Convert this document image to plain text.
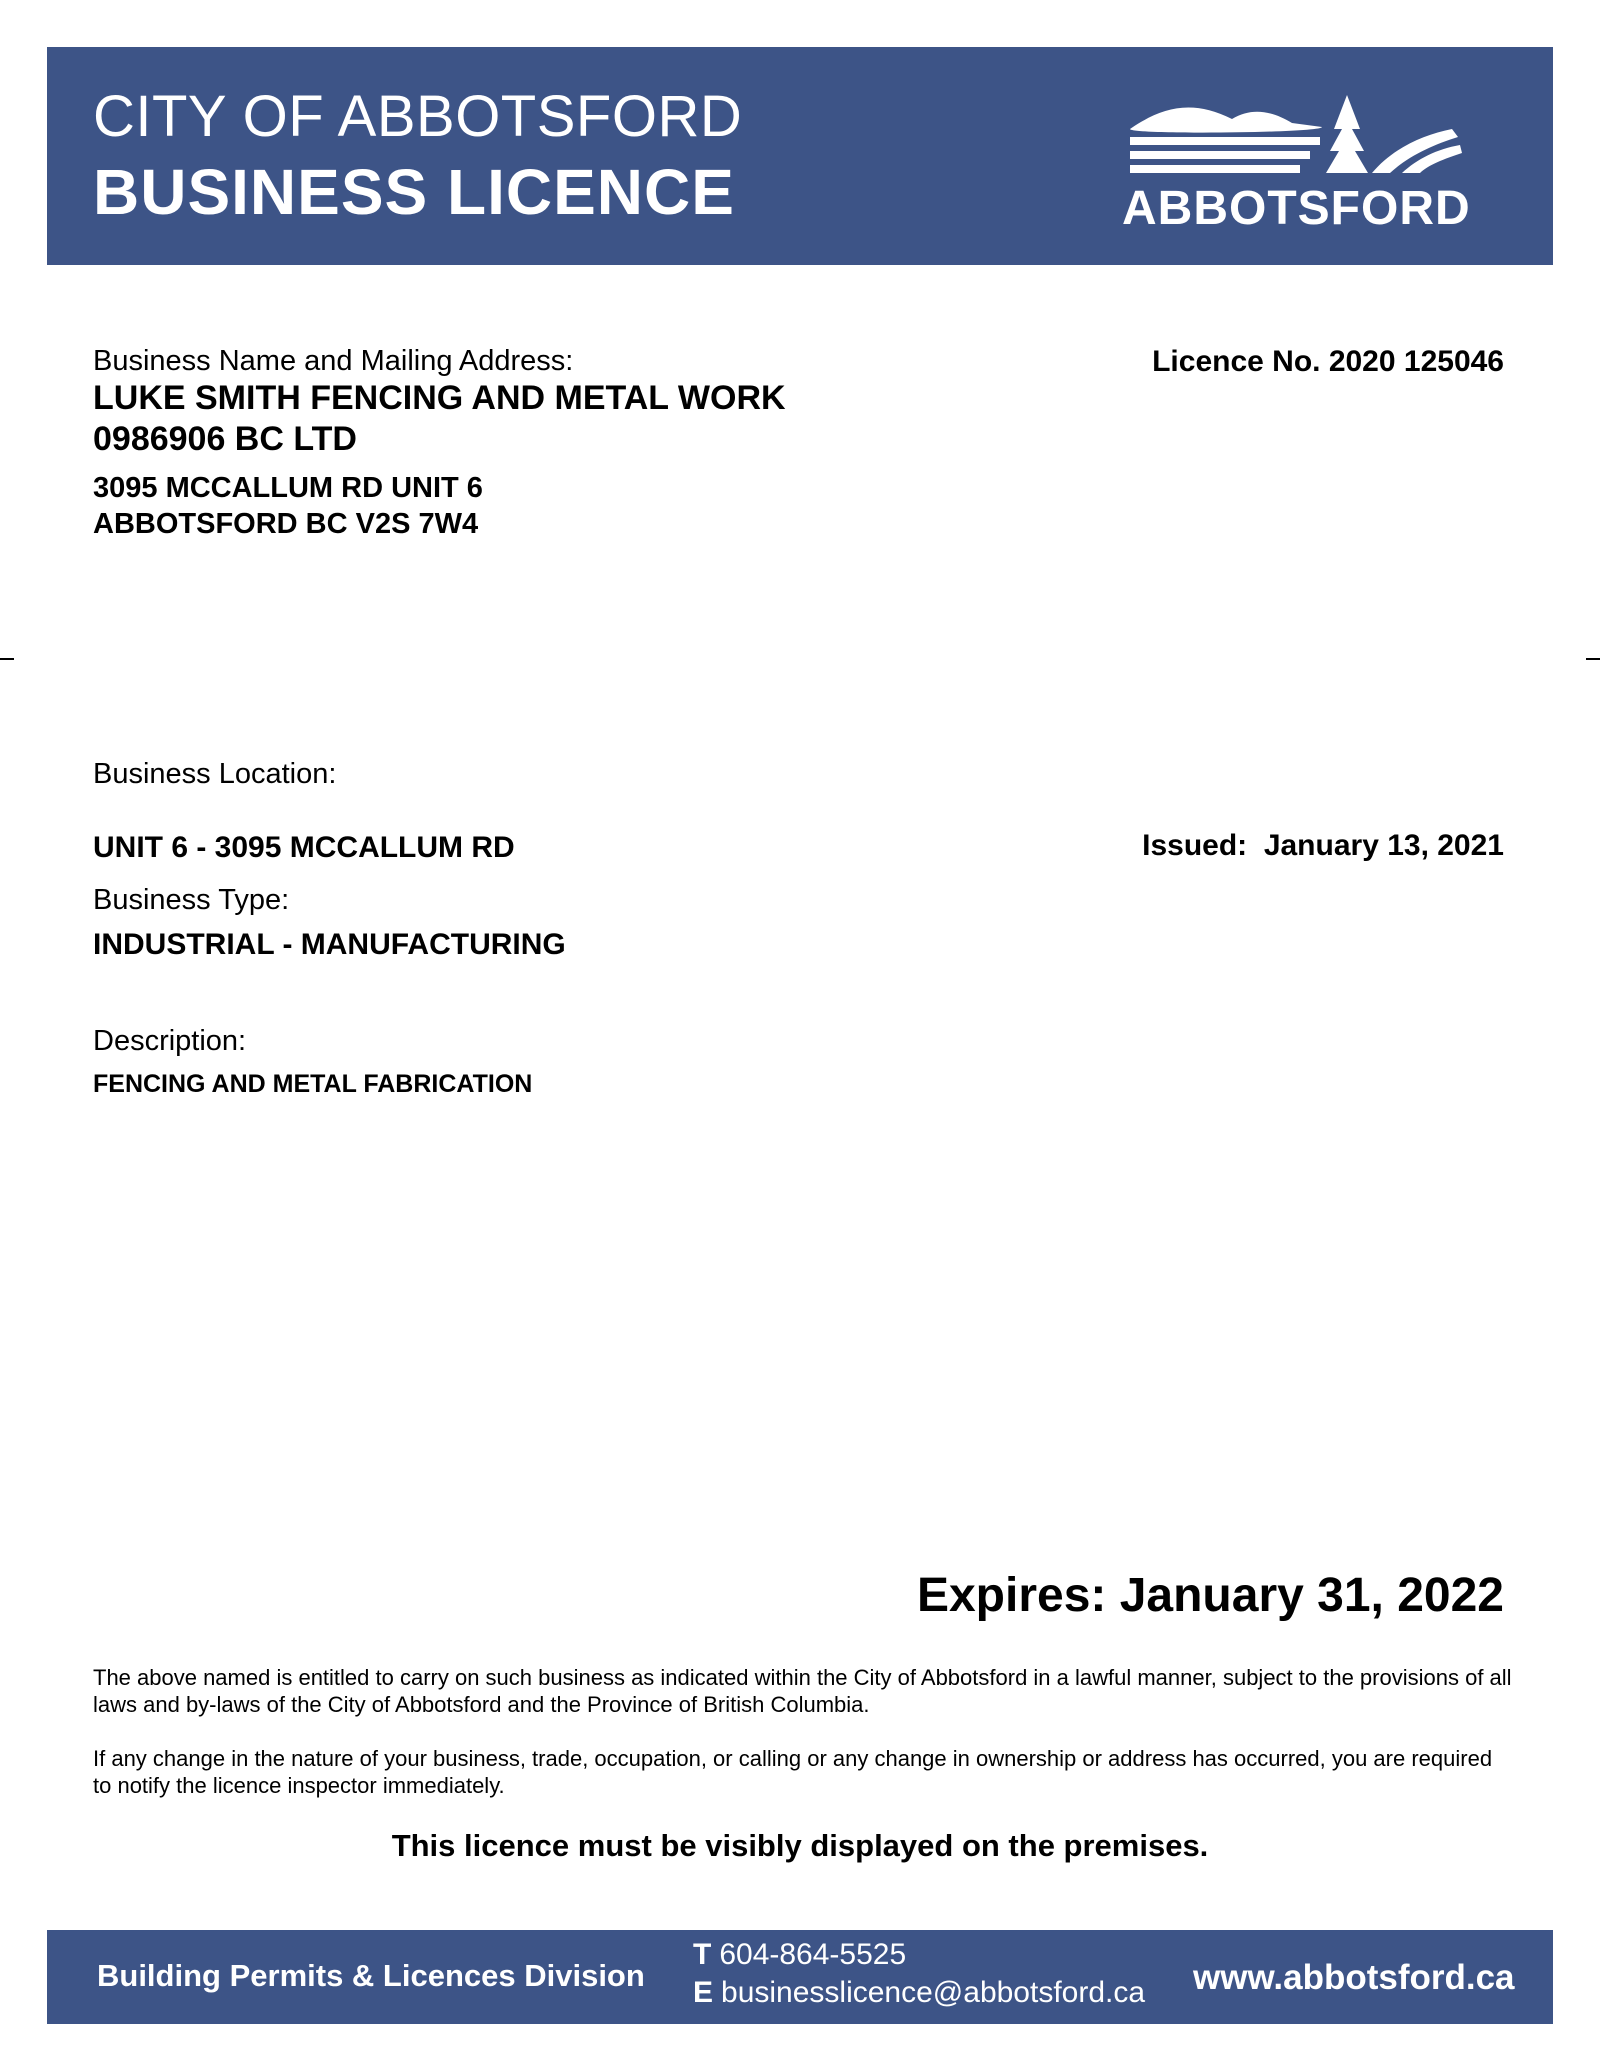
CITY OF ABBOTSFORD
BUSINESS LICENCE	ABBOTSFORD
Business Name and Mailing Address:
LUKE SMITH FENCING AND METAL WORK
0986906 BC LTD
3095 MCCALLUM RD UNIT 6
ABBOTSFORD BC V2S 7W4
Licence No. 2020 125046
Business Location:
UNIT 6 - 3095 MCCALLUM RD	Issued: January 13, 2021
Business Type:
INDUSTRIAL - MANUFACTURING
Description:
FENCING AND METAL FABRICATION
Expires: January 31, 2022
The above named is entitled to carry on such business as indicated within the City of Abbotsford in a lawful manner, subject to the provisions of all laws and by-laws of the City of Abbotsford and the Province of British Columbia.
If any change in the nature of your business, trade, occupation, or calling or any change in ownership or address has occurred, you are required to notify the licence inspector immediately.
This licence must be visibly displayed on the premises.
Building Permits & Licences Division
T 604-864-5525
E businesslicence@abbotsford.ca www.abbotsford.ca
